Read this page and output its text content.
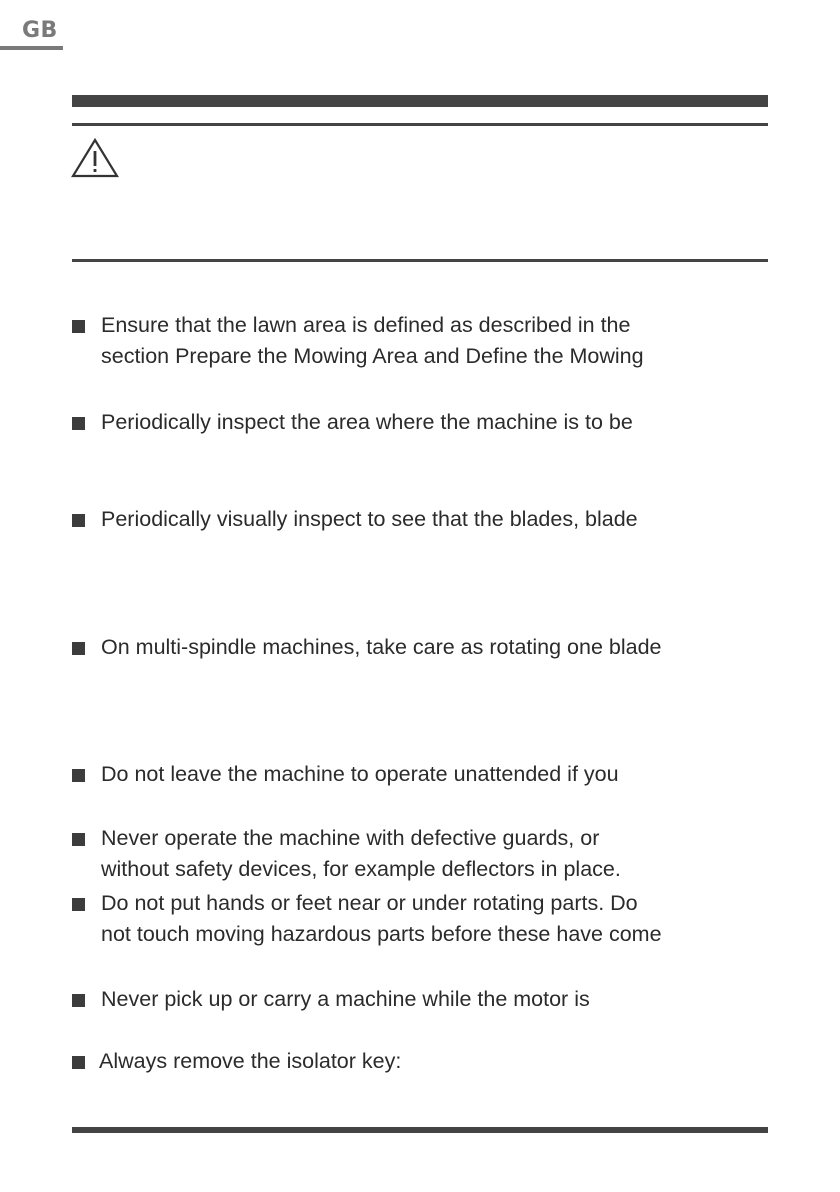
GB
Ensure that the lawn area is defined as described in the
section Prepare the Mowing Area and Define the Mowing
Periodically inspect the area where the machine is to be
Periodically visually inspect to see that the blades, blade
On multi-spindle machines, take care as rotating one blade
Do not leave the machine to operate unattended if you
Never operate the machine with defective guards, or
without safety devices, for example deflectors in place.
Do not put hands or feet near or under rotating parts. Do
not touch moving hazardous parts before these have come
Never pick up or carry a machine while the motor is
Always remove the isolator key:
